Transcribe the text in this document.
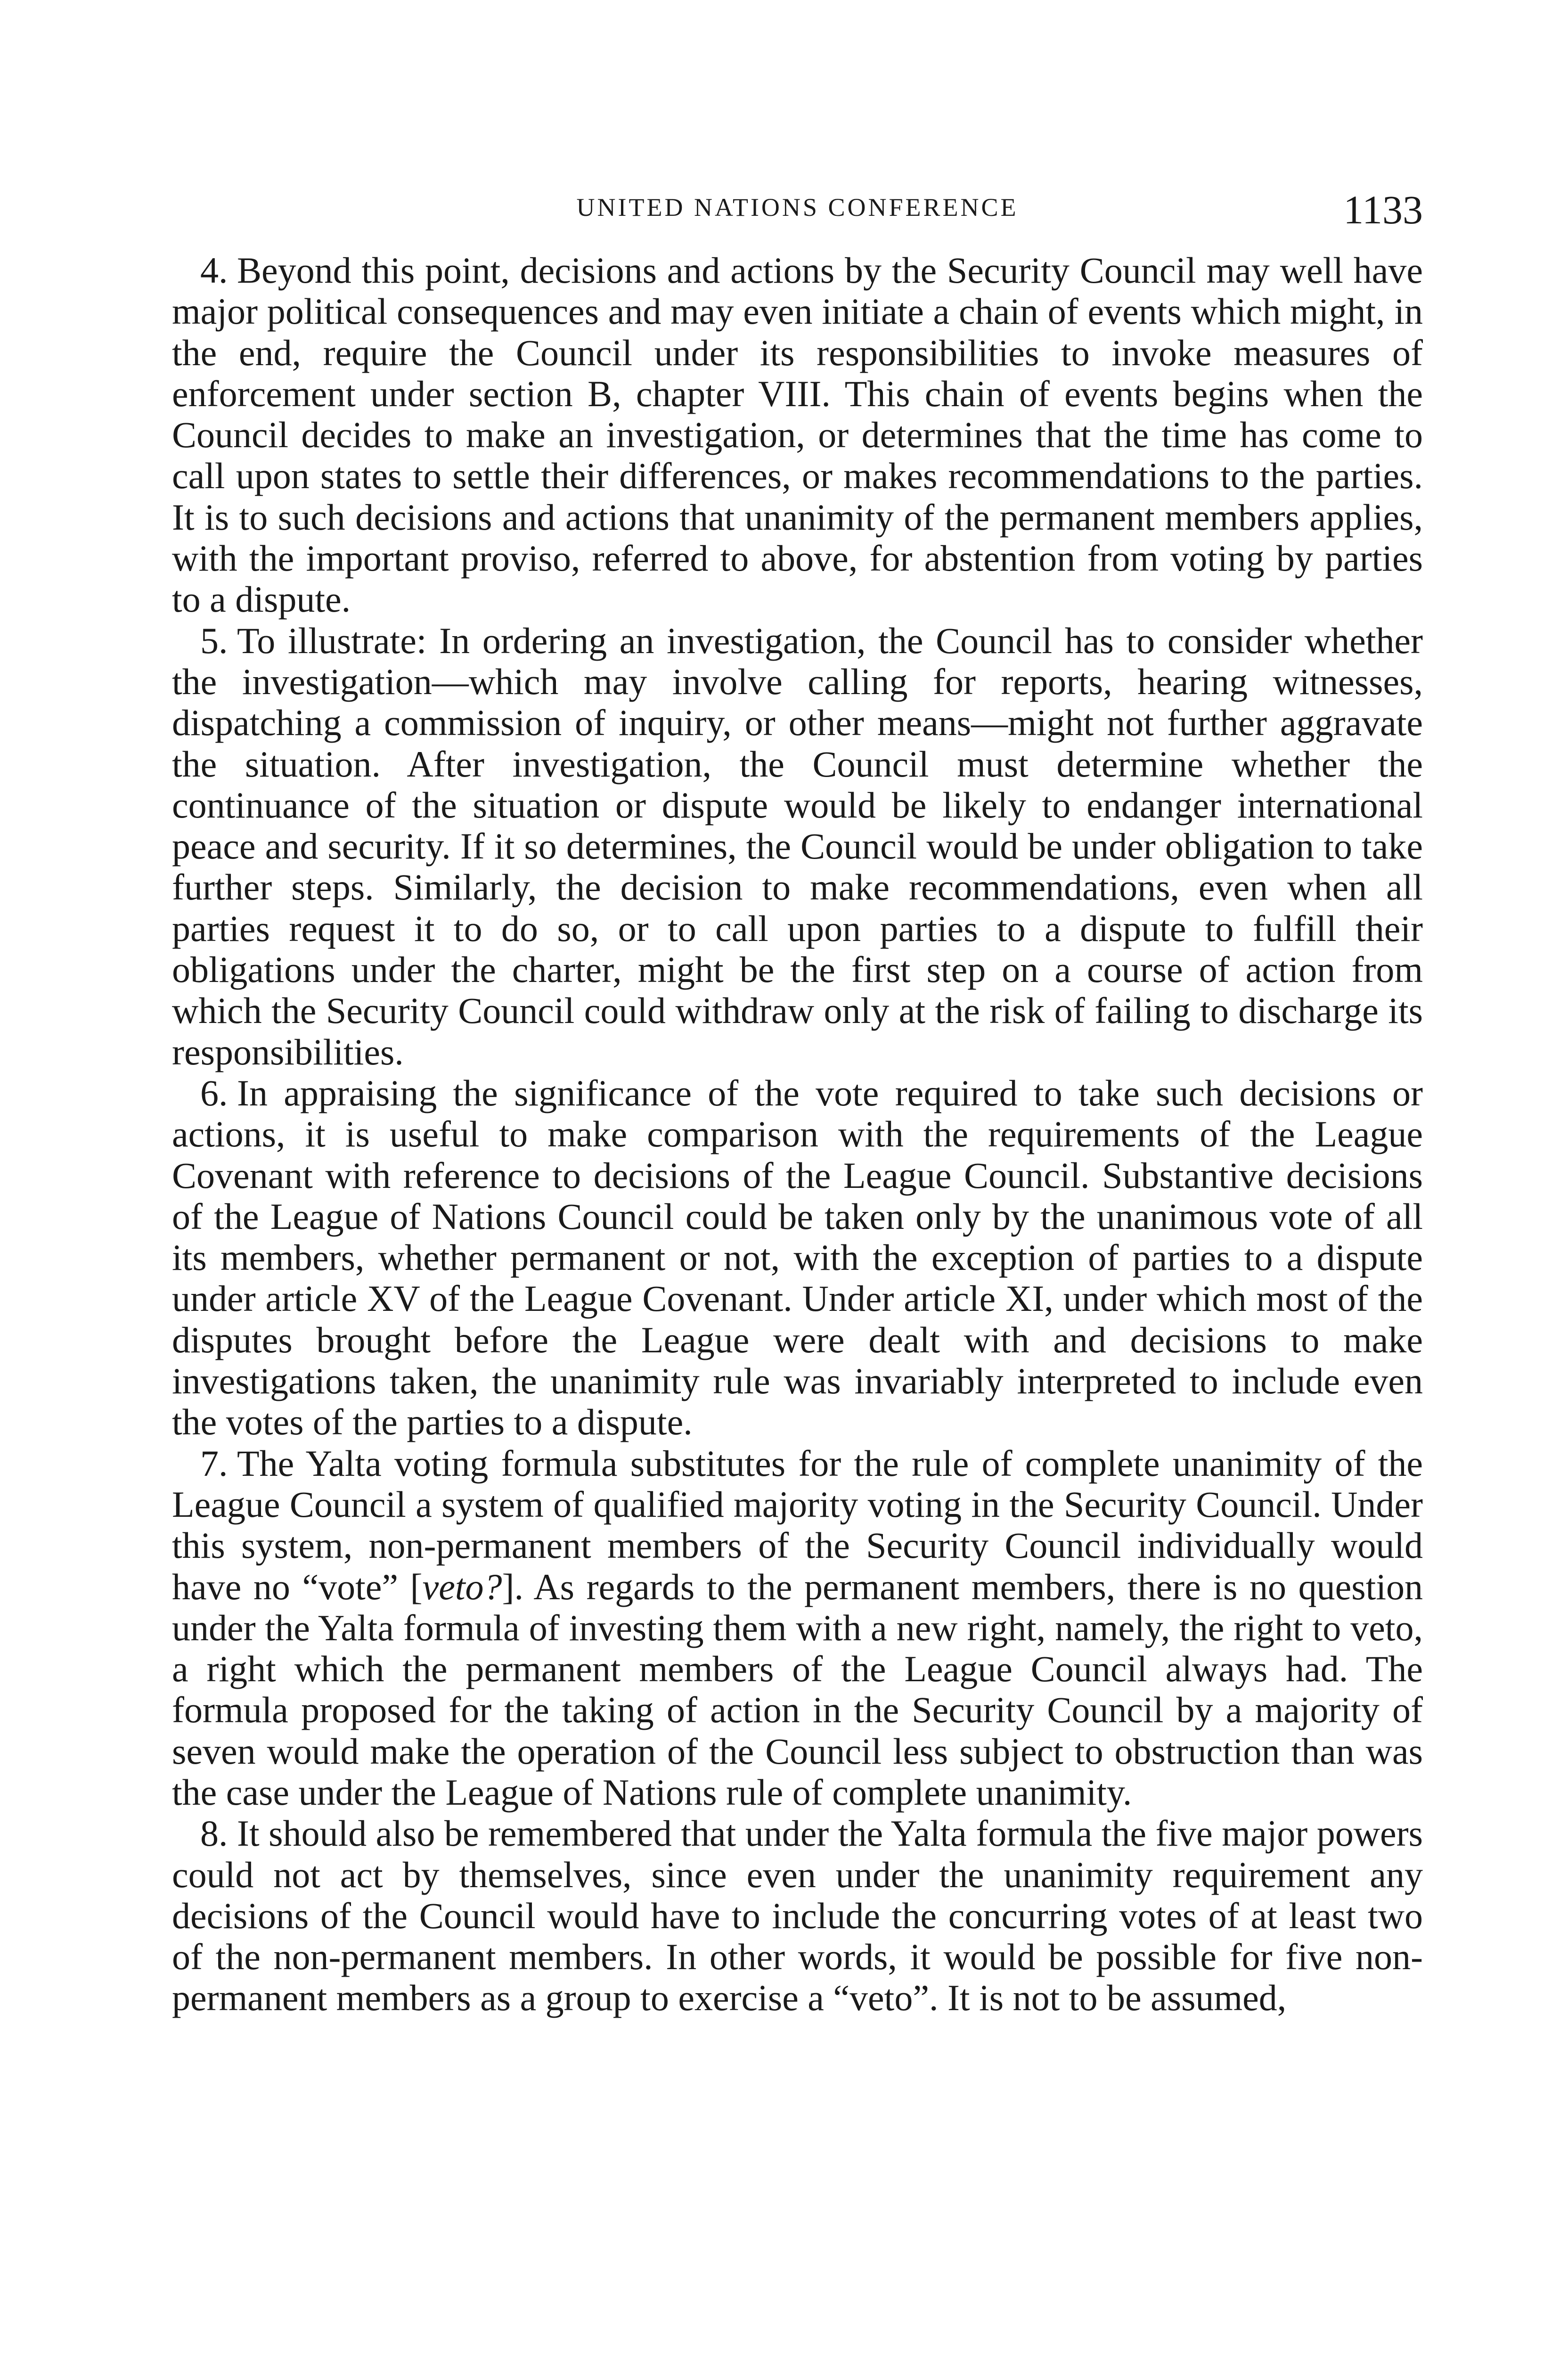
UNITED NATIONS CONFERENCE	1133

4. Beyond this point, decisions and actions by the Security Council may well have major political consequences and may even initiate a chain of events which might, in the end, require the Council under its responsibilities to invoke measures of enforcement under section B, chapter VIII. This chain of events begins when the Council decides to make an investigation, or determines that the time has come to call upon states to settle their differences, or makes recommendations to the parties. It is to such decisions and actions that unanimity of the permanent members applies, with the important proviso, referred to above, for abstention from voting by parties to a dispute.

5. To illustrate: In ordering an investigation, the Council has to consider whether the investigation—which may involve calling for reports, hearing witnesses, dispatching a commission of inquiry, or other means—might not further aggravate the situation. After investigation, the Council must determine whether the continuance of the situation or dispute would be likely to endanger international peace and security. If it so determines, the Council would be under obligation to take further steps. Similarly, the decision to make recommendations, even when all parties request it to do so, or to call upon parties to a dispute to fulfill their obligations under the charter, might be the first step on a course of action from which the Security Council could withdraw only at the risk of failing to discharge its responsibilities.

6. In appraising the significance of the vote required to take such decisions or actions, it is useful to make comparison with the requirements of the League Covenant with reference to decisions of the League Council. Substantive decisions of the League of Nations Council could be taken only by the unanimous vote of all its members, whether permanent or not, with the exception of parties to a dispute under article XV of the League Covenant. Under article XI, under which most of the disputes brought before the League were dealt with and decisions to make investigations taken, the unanimity rule was invariably interpreted to include even the votes of the parties to a dispute.

7. The Yalta voting formula substitutes for the rule of complete unanimity of the League Council a system of qualified majority voting in the Security Council. Under this system, non-permanent members of the Security Council individually would have no “vote” [veto?]. As regards to the permanent members, there is no question under the Yalta formula of investing them with a new right, namely, the right to veto, a right which the permanent members of the League Council always had. The formula proposed for the taking of action in the Security Council by a majority of seven would make the operation of the Council less subject to obstruction than was the case under the League of Nations rule of complete unanimity.

8. It should also be remembered that under the Yalta formula the five major powers could not act by themselves, since even under the unanimity requirement any decisions of the Council would have to include the concurring votes of at least two of the non-permanent members. In other words, it would be possible for five non-permanent members as a group to exercise a “veto”. It is not to be assumed,
